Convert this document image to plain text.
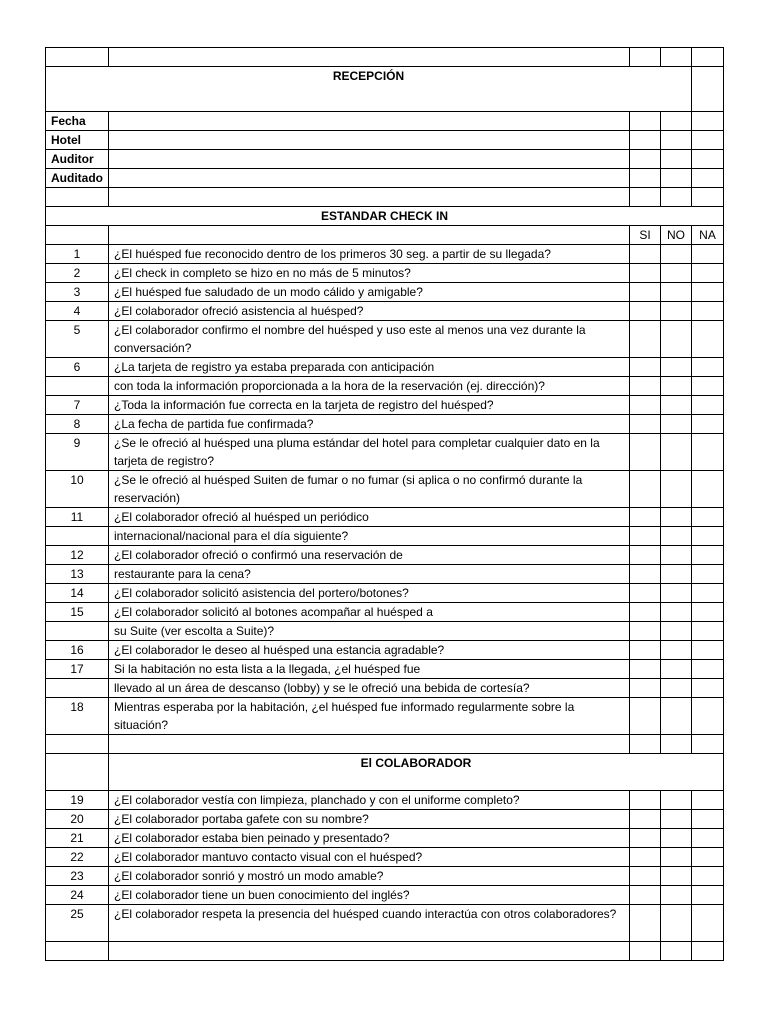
RECEPCIÓN				
Fecha				
Hotel				
Auditor				
Auditado				

ESTANDAR CHECK IN				
		SI	NO	NA
1	¿El huésped fue reconocido dentro de los primeros 30 seg. a partir de su llegada?			
2	¿El check in completo se hizo en no más de 5 minutos?			
3	¿El huésped fue saludado de un modo cálido y amigable?			
4	¿El colaborador ofreció asistencia al huésped?			
5	¿El colaborador confirmo el nombre del huésped y uso este al menos una vez durante la conversación?			
6	¿La tarjeta de registro ya estaba preparada con anticipación			
	con toda la información proporcionada a la hora de la reservación (ej. dirección)?			
7	¿Toda la información fue correcta en la tarjeta de registro del huésped?			
8	¿La fecha de partida fue confirmada?			
9	¿Se le ofreció al huésped una pluma estándar del hotel para completar cualquier dato en la tarjeta de registro?			
10	¿Se le ofreció al huésped Suiten de fumar o no fumar (si aplica o no confirmó durante la reservación)			
11	¿El colaborador ofreció al huésped un periódico			
	internacional/nacional para el día siguiente?			
12	¿El colaborador ofreció o confirmó una reservación de			
13	restaurante para la cena?			
14	¿El colaborador solicitó asistencia del portero/botones?			
15	¿El colaborador solicitó al botones acompañar al huésped a			
	su Suite (ver escolta a Suite)?			
16	¿El colaborador le deseo al huésped una estancia agradable?			
17	Si la habitación no esta lista a la llegada, ¿el huésped fue			
	llevado al un área de descanso (lobby) y se le ofreció una bebida de cortesía?			
18	Mientras esperaba por la habitación, ¿el huésped fue informado regularmente sobre la situación?			

	El COLABORADOR			
19	¿El colaborador vestía con limpieza, planchado y con el uniforme completo?			
20	¿El colaborador portaba gafete con su nombre?			
21	¿El colaborador estaba bien peinado y presentado?			
22	¿El colaborador mantuvo contacto visual con el huésped?			
23	¿El colaborador sonrió y mostró un modo amable?			
24	¿El colaborador tiene un buen conocimiento del inglés?			
25	¿El colaborador respeta la presencia del huésped cuando interactúa con otros colaboradores?			
